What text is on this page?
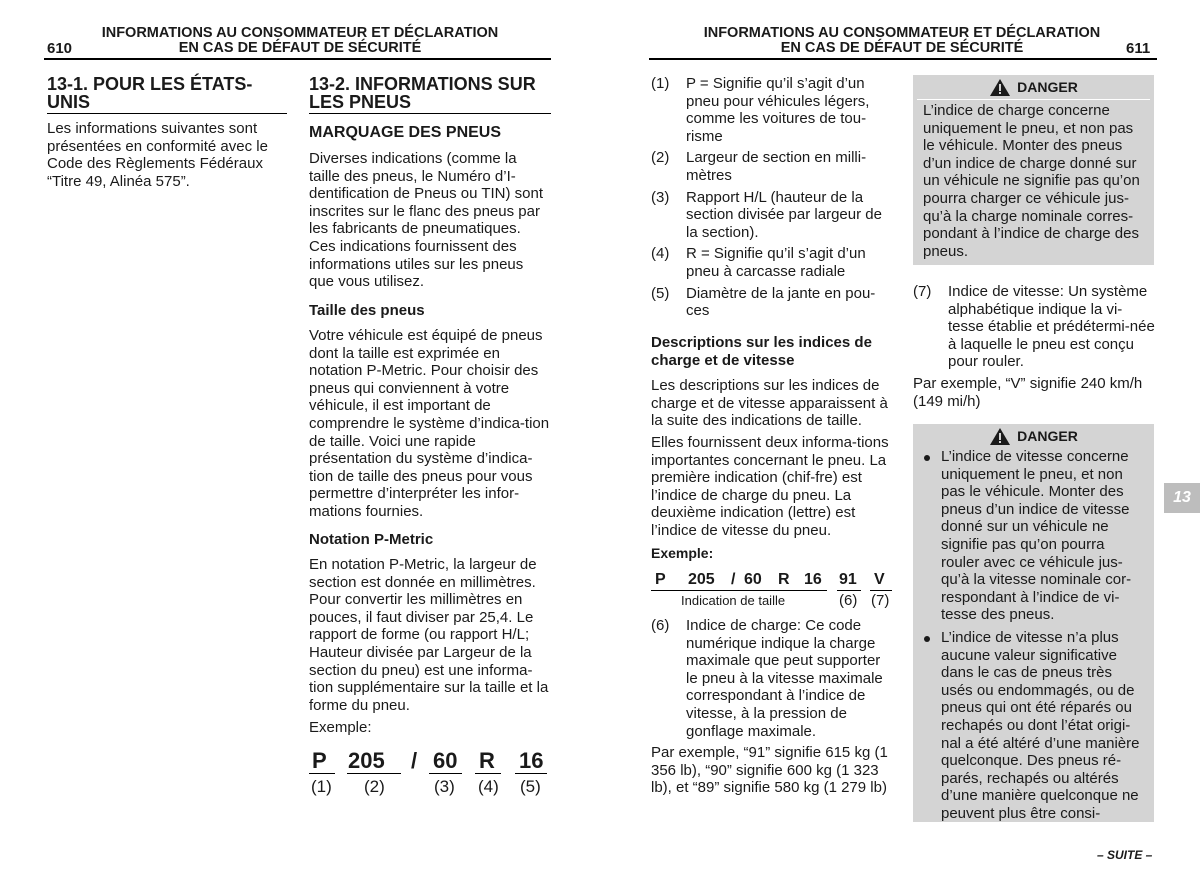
610
INFORMATIONS AU CONSOMMATEUR ET DÉCLARATION
EN CAS DE DÉFAUT DE SÉCURITÉ
13-1. POUR LES ÉTATS-
UNIS

Les informations suivantes sont présentées en conformité avec le Code des Règlements Fédéraux “Titre 49, Alinéa 575”.

13-2. INFORMATIONS SUR
LES PNEUS
MARQUAGE DES PNEUS

Diverses indications (comme la taille des pneus, le Numéro d’I-dentification de Pneus ou TIN) sont inscrites sur le flanc des pneus par les fabricants de pneumatiques. Ces indications fournissent des informations utiles sur les pneus que vous utilisez.

Taille des pneus

Votre véhicule est équipé de pneus dont la taille est exprimée en notation P-Metric. Pour choisir des pneus qui conviennent à votre véhicule, il est important de comprendre le système d’indica-tion de taille. Voici une rapide présentation du système d’indica-tion de taille des pneus pour vous permettre d’interpréter les infor-mations fournies.

Notation P-Metric

En notation P-Metric, la largeur de section est donnée en millimètres. Pour convertir les millimètres en pouces, il faut diviser par 25,4. Le rapport de forme (ou rapport H/L; Hauteur divisée par Largeur de la section du pneu) est une informa-tion supplémentaire sur la taille et la forme du pneu.

Exemple:
P 205 / 60 R 16
(1) (2)	(3) (4) (5)
INFORMATIONS AU CONSOMMATEUR ET DÉCLARATION
EN CAS DE DÉFAUT DE SÉCURITÉ	611
(1) P = Signifie qu’il s’agit d’un pneu pour véhicules légers, comme les voitures de tou-risme
(2) Largeur de section en milli-mètres
(3) Rapport H/L (hauteur de la section divisée par largeur de la section).
(4) R = Signifie qu’il s’agit d’un pneu à carcasse radiale
(5) Diamètre de la jante en pou-ces
Descriptions sur les indices de charge et de vitesse

Les descriptions sur les indices de charge et de vitesse apparaissent à la suite des indications de taille.

Elles fournissent deux informa-tions importantes concernant le pneu. La première indication (chif-fre) est l’indice de charge du pneu. La deuxième indication (lettre) est l’indice de vitesse du pneu.

Exemple:
P 205 / 60 R 16 91 V
Indication de taille	(6) (7)
(6) Indice de charge: Ce code numérique indique la charge maximale que peut supporter le pneu à la vitesse maximale correspondant à l’indice de vitesse, à la pression de gonflage maximale.

Par exemple, “91” signifie 615 kg (1 356 lb), “90” signifie 600 kg (1 323 lb), et “89” signifie 580 kg (1 279 lb)

DANGER

L’indice de charge concerne uniquement le pneu, et non pas le véhicule. Monter des pneus d’un indice de charge donné sur un véhicule ne signifie pas qu’on pourra charger ce véhicule jus-qu’à la charge nominale corres-pondant à l’indice de charge des pneus.

(7) Indice de vitesse: Un système alphabétique indique la vi-tesse établie et prédétermi-née à laquelle le pneu est conçu pour rouler.

Par exemple, “V” signifie 240 km/h (149 mi/h)

DANGER
L’indice de vitesse concerne uniquement le pneu, et non pas le véhicule. Monter des pneus d’un indice de vitesse donné sur un véhicule ne signifie pas qu’on pourra rouler avec ce véhicule jus-qu’à la vitesse nominale cor-respondant à l’indice de vi-tesse des pneus.
L’indice de vitesse n’a plus aucune valeur significative dans le cas de pneus très usés ou endommagés, ou de pneus qui ont été réparés ou rechapés ou dont l’état origi-nal a été altéré d’une manière quelconque. Des pneus ré-parés, rechapés ou altérés d’une manière quelconque ne peuvent plus être consi-
13
– SUITE –
